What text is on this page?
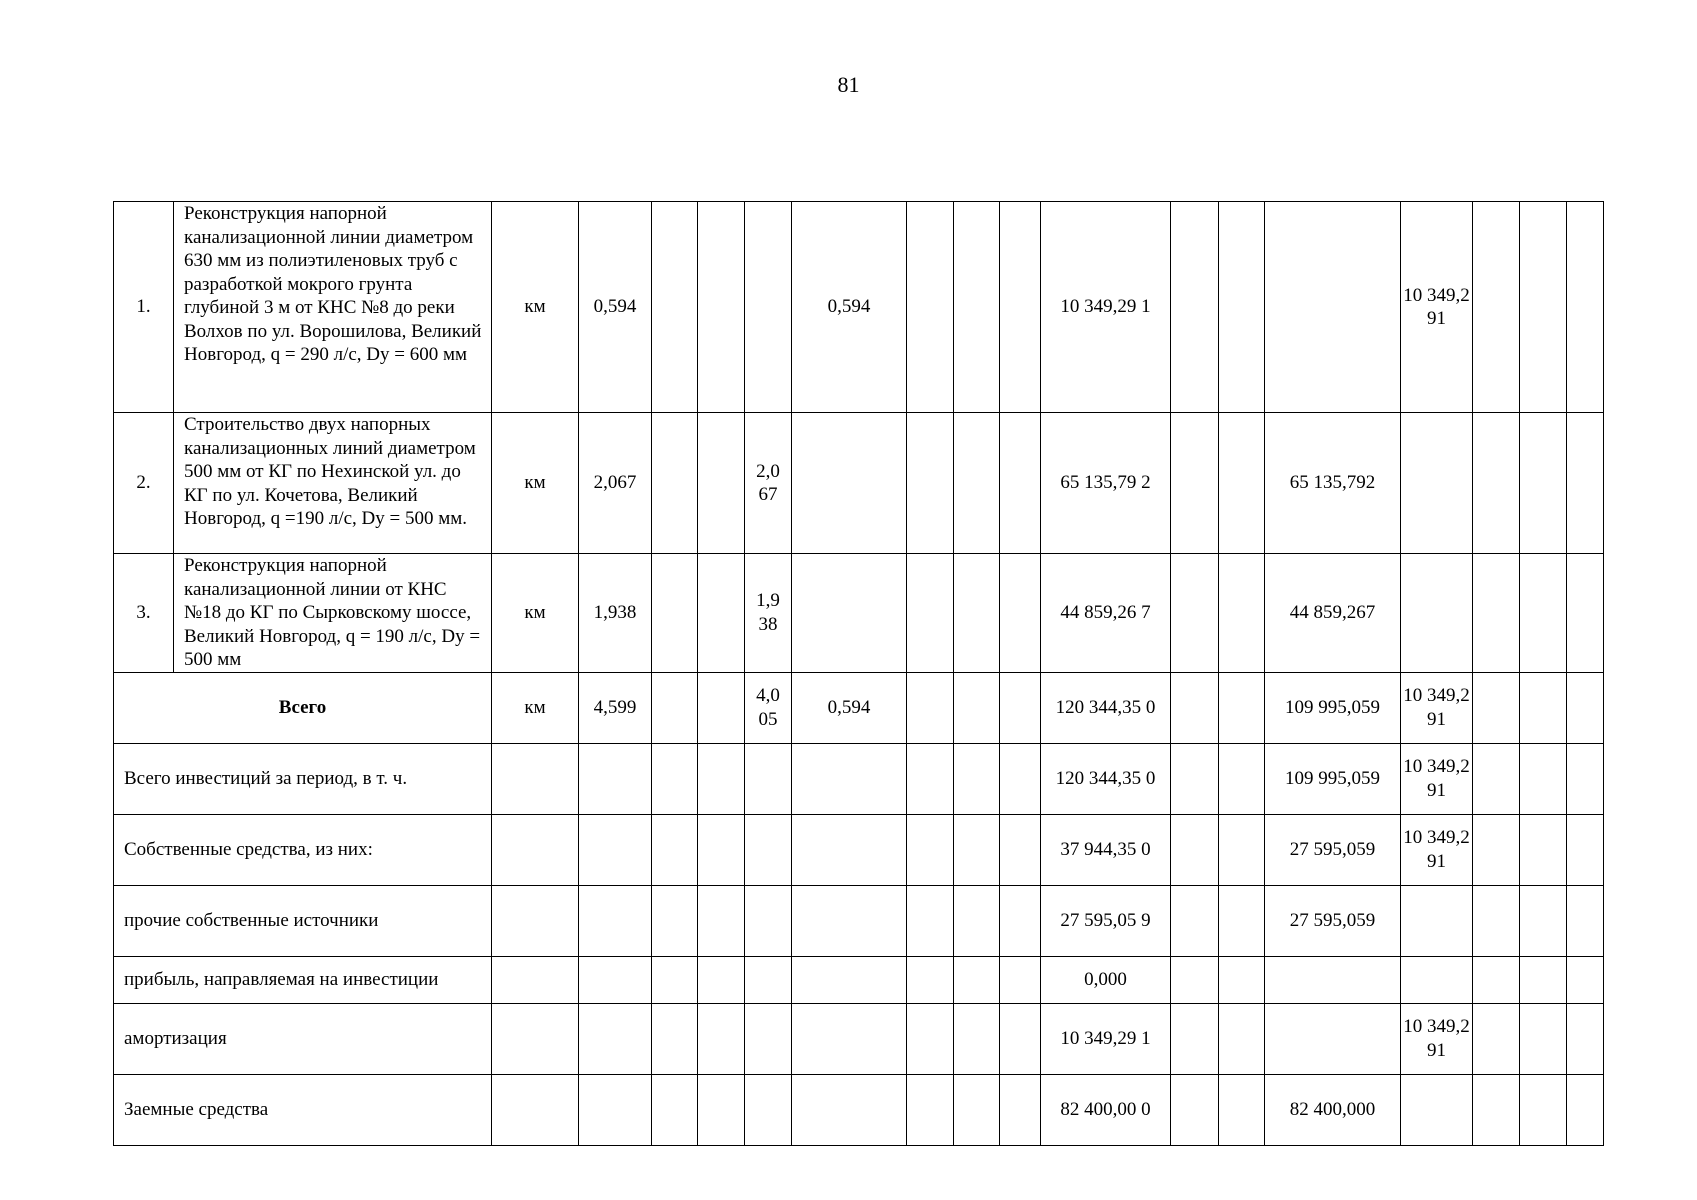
81
1.	Реконструкция напорной канализационной линии диаметром 630 мм из полиэтиленовых труб с разработкой мокрого грунта глубиной 3 м от КНС №8 до реки Волхов по ул. Ворошилова, Великий Новгород, q = 290 л/с, Dy = 600 мм	км	0,594				0,594				10 349,29 1				10 349,2 91			
2.	Строительство двух напорных канализационных линий диаметром 500 мм от КГ по Нехинской ул. до КГ по ул. Кочетова, Великий Новгород, q =190 л/с, Dy = 500 мм.	км	2,067			2,0 67					65 135,79 2			65 135,792				
3.	Реконструкция напорной канализационной линии от КНС №18 до КГ по Сырковскому шоссе, Великий Новгород, q = 190 л/с, Dy = 500 мм	км	1,938			1,9 38					44 859,26 7			44 859,267				
Всего		км	4,599			4,0 05	0,594				120 344,35 0			109 995,059	10 349,2 91			
Всего инвестиций за период, в т. ч.											120 344,35 0			109 995,059	10 349,2 91			
Собственные средства, из них:											37 944,35 0			27 595,059	10 349,2 91			
прочие собственные источники											27 595,05 9			27 595,059				
прибыль, направляемая на инвестиции											0,000							
амортизация											10 349,29 1				10 349,2 91			
Заемные средства											82 400,00 0			82 400,000				
